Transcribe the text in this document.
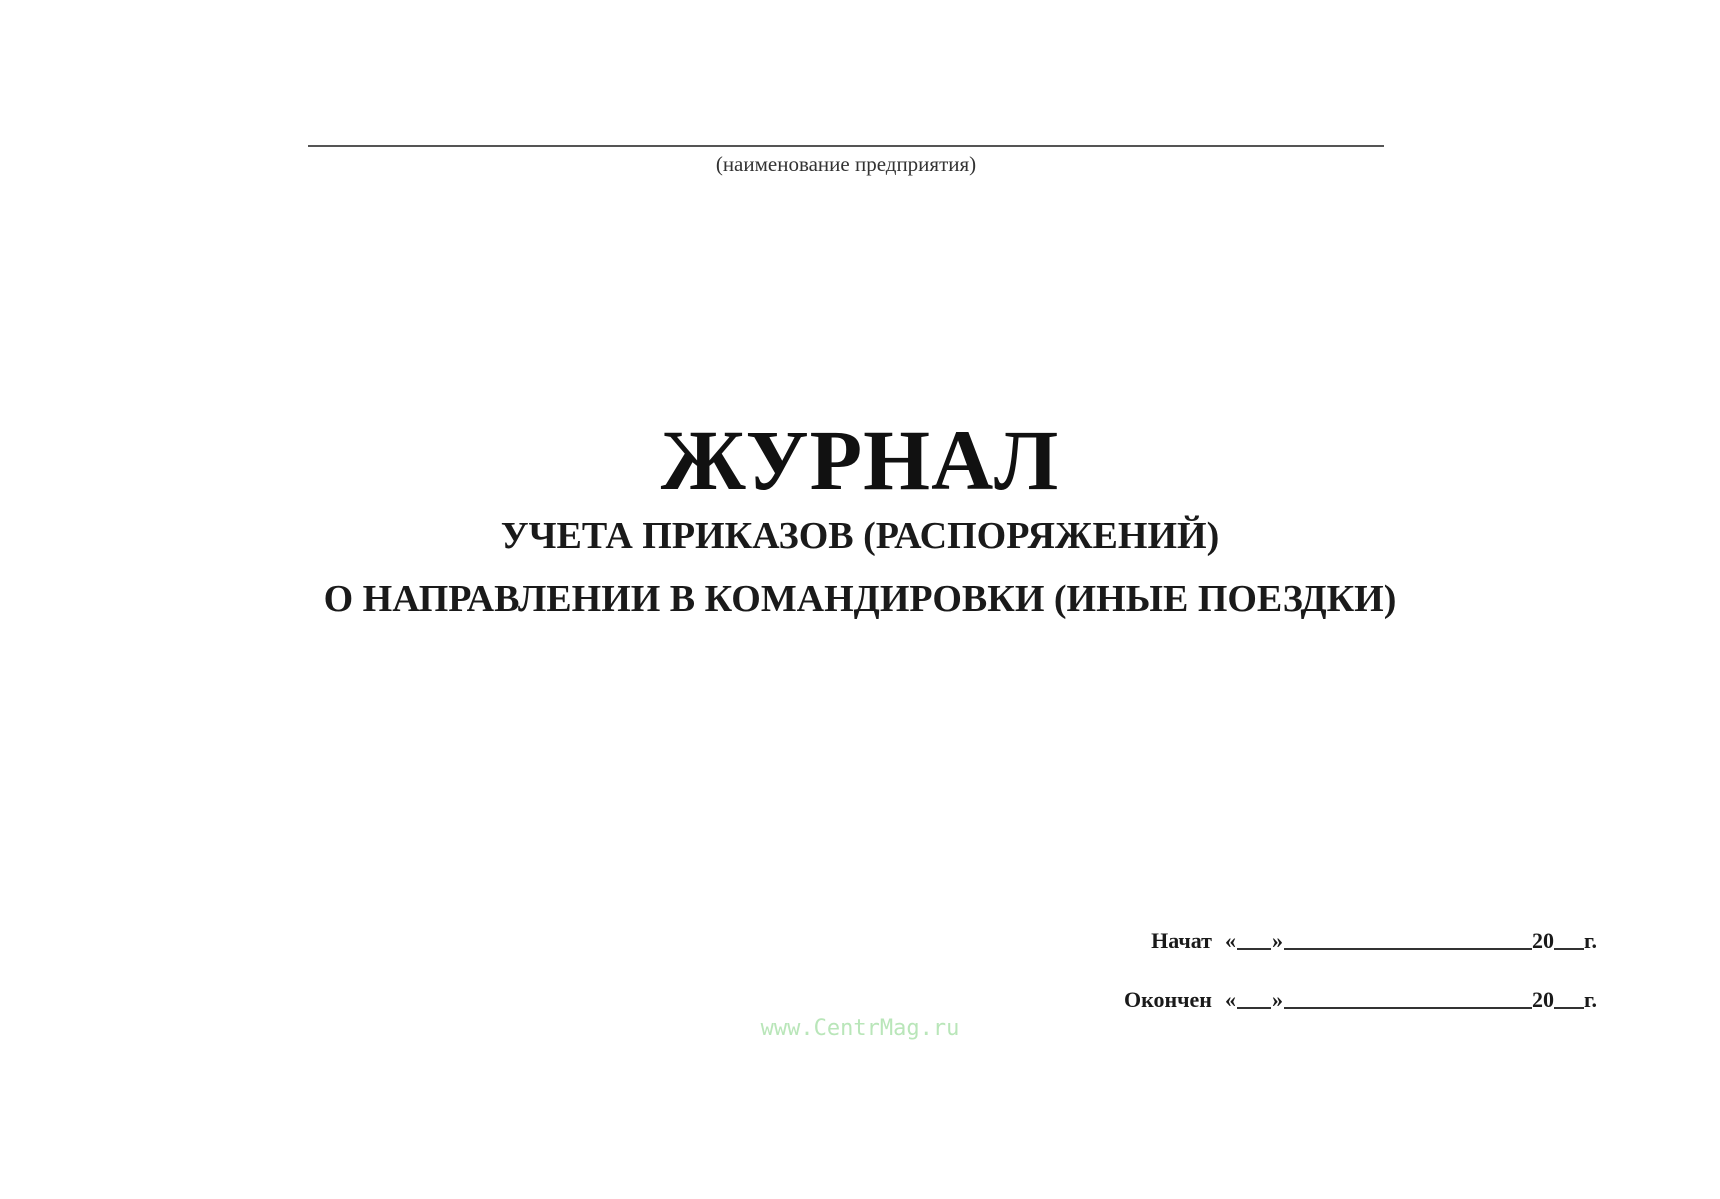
(наименование предприятия)
ЖУРНАЛ
УЧЕТА ПРИКАЗОВ (РАСПОРЯЖЕНИЙ)
О НАПРАВЛЕНИИ В КОМАНДИРОВКИ (ИНЫЕ ПОЕЗДКИ)
Начат « »	20 г.
Окончен « »	20 г.
www.CentrMag.ru
